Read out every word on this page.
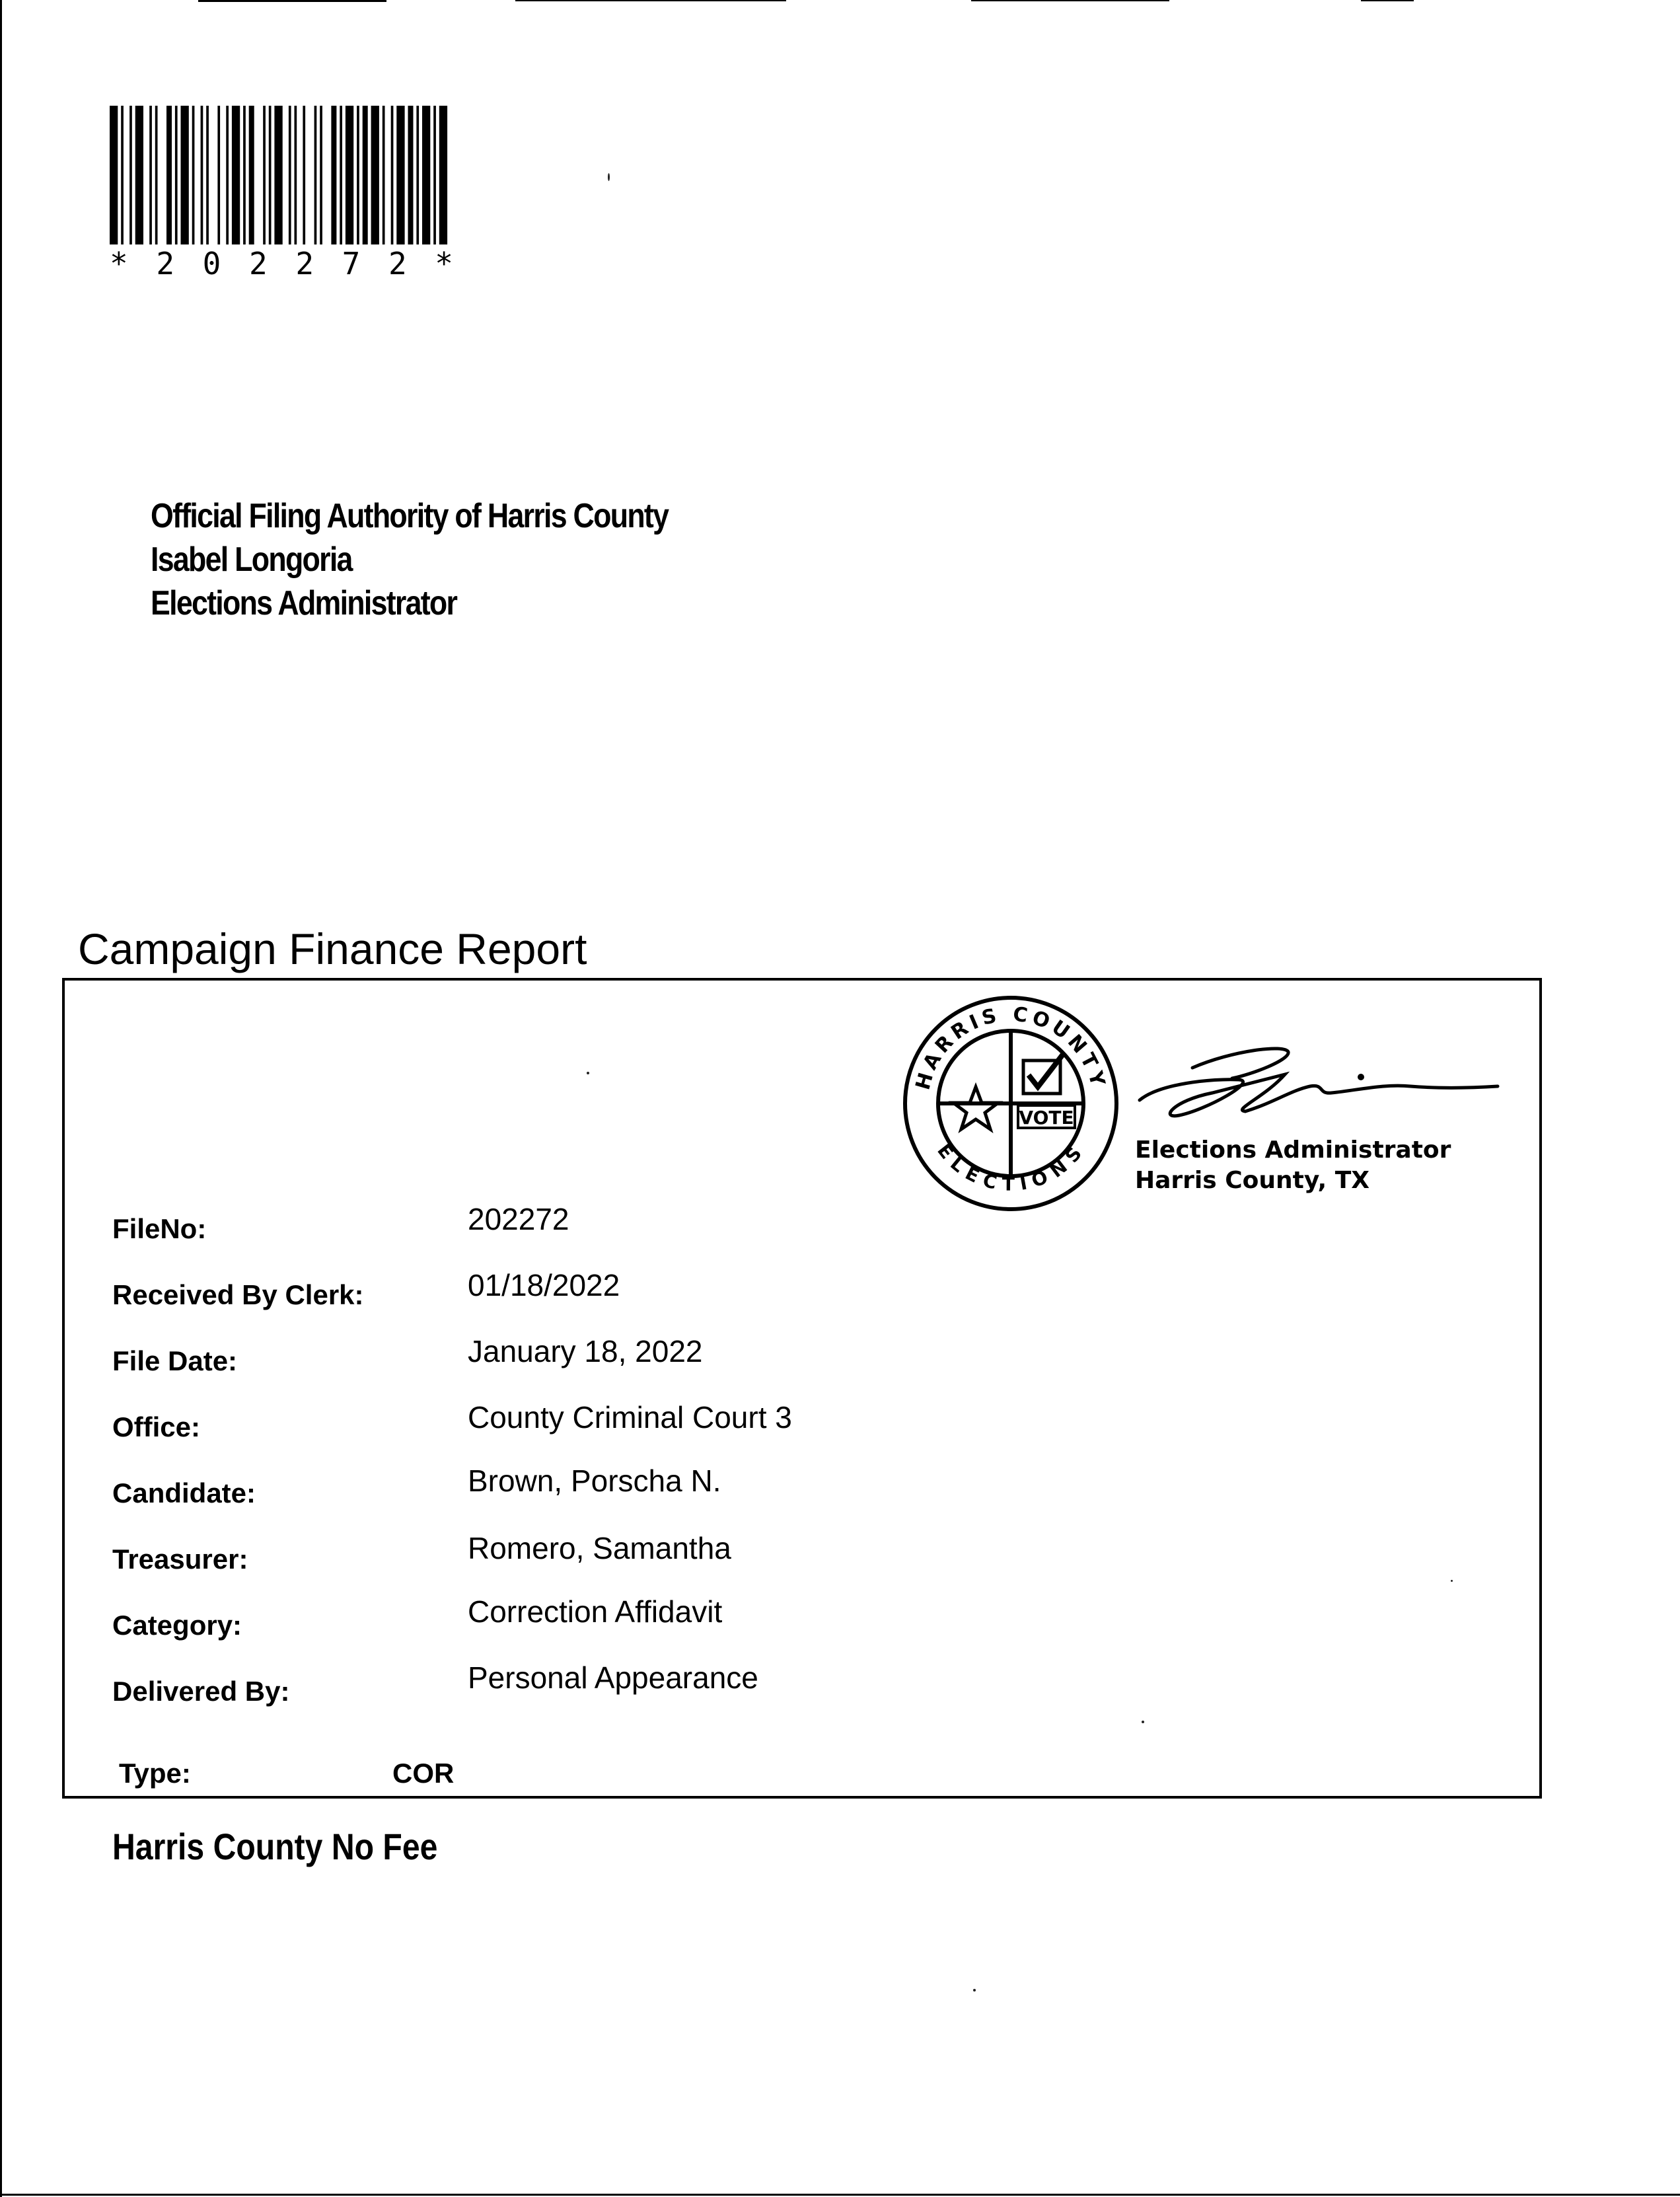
* 2 0 2 2 7 2 *
Official Filing Authority of Harris County
Isabel Longoria
Elections Administrator
Campaign Finance Report
HARRIS COUNTY
ELECTIONS
VOTE
Elections Administrator
Harris County, TX
FileNo:	202272
Received By Clerk:	01/18/2022
File Date:	January 18, 2022
Office:	County Criminal Court 3
Candidate:	Brown, Porscha N.
Treasurer:	Romero, Samantha
Category:	Correction Affidavit
Delivered By:	Personal Appearance
Type:	COR
Harris County No Fee
